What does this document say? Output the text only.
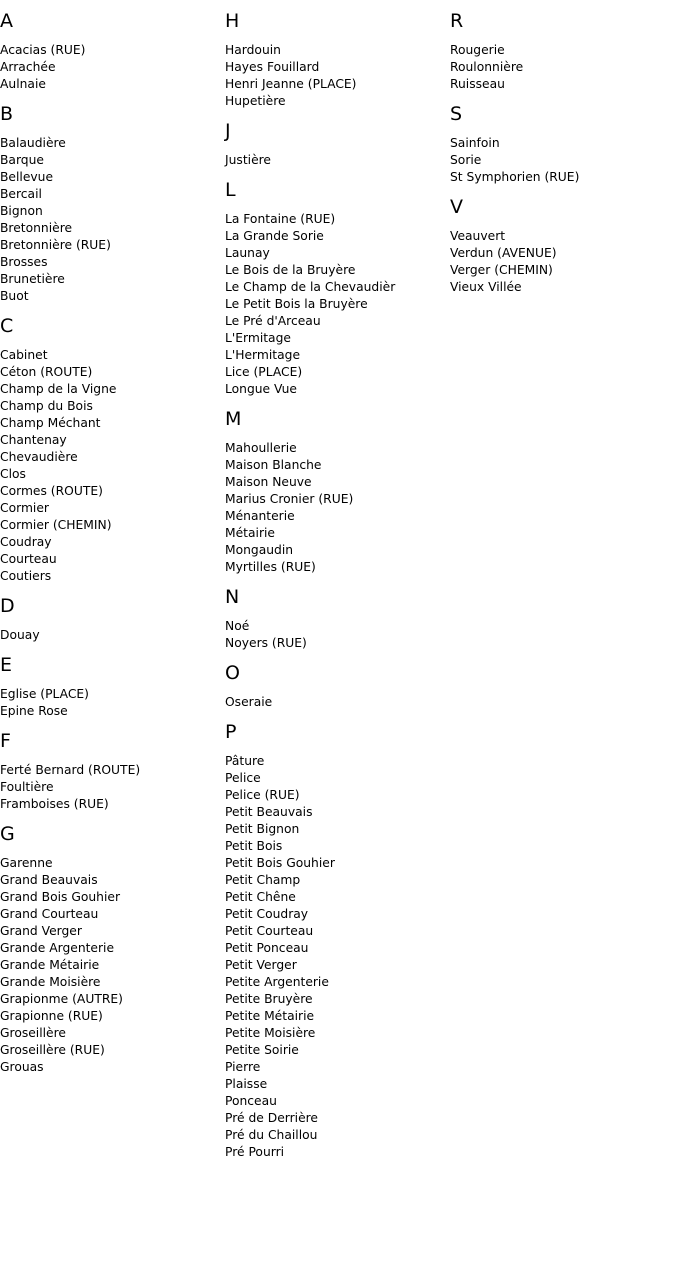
A
Acacias (RUE)
Arrachée
Aulnaie
B
Balaudière
Barque
Bellevue
Bercail
Bignon
Bretonnière
Bretonnière (RUE)
Brosses
Brunetière
Buot
C
Cabinet
Céton (ROUTE)
Champ de la Vigne
Champ du Bois
Champ Méchant
Chantenay
Chevaudière
Clos
Cormes (ROUTE)
Cormier
Cormier (CHEMIN)
Coudray
Courteau
Coutiers
D
Douay
E
Eglise (PLACE)
Epine Rose
F
Ferté Bernard (ROUTE)
Foultière
Framboises (RUE)
G
Garenne
Grand Beauvais
Grand Bois Gouhier
Grand Courteau
Grand Verger
Grande Argenterie
Grande Métairie
Grande Moisière
Grapionme (AUTRE)
Grapionne (RUE)
Groseillère
Groseillère (RUE)
Grouas
H
Hardouin
Hayes Fouillard
Henri Jeanne (PLACE)
Hupetière
J
Justière
L
La Fontaine (RUE)
La Grande Sorie
Launay
Le Bois de la Bruyère
Le Champ de la Chevaudièr
Le Petit Bois la Bruyère
Le Pré d'Arceau
L'Ermitage
L'Hermitage
Lice (PLACE)
Longue Vue
M
Mahoullerie
Maison Blanche
Maison Neuve
Marius Cronier (RUE)
Ménanterie
Métairie
Mongaudin
Myrtilles (RUE)
N
Noé
Noyers (RUE)
O
Oseraie
P
Pâture
Pelice
Pelice (RUE)
Petit Beauvais
Petit Bignon
Petit Bois
Petit Bois Gouhier
Petit Champ
Petit Chêne
Petit Coudray
Petit Courteau
Petit Ponceau
Petit Verger
Petite Argenterie
Petite Bruyère
Petite Métairie
Petite Moisière
Petite Soirie
Pierre
Plaisse
Ponceau
Pré de Derrière
Pré du Chaillou
Pré Pourri
R
Rougerie
Roulonnière
Ruisseau
S
Sainfoin
Sorie
St Symphorien (RUE)
V
Veauvert
Verdun (AVENUE)
Verger (CHEMIN)
Vieux Villée
